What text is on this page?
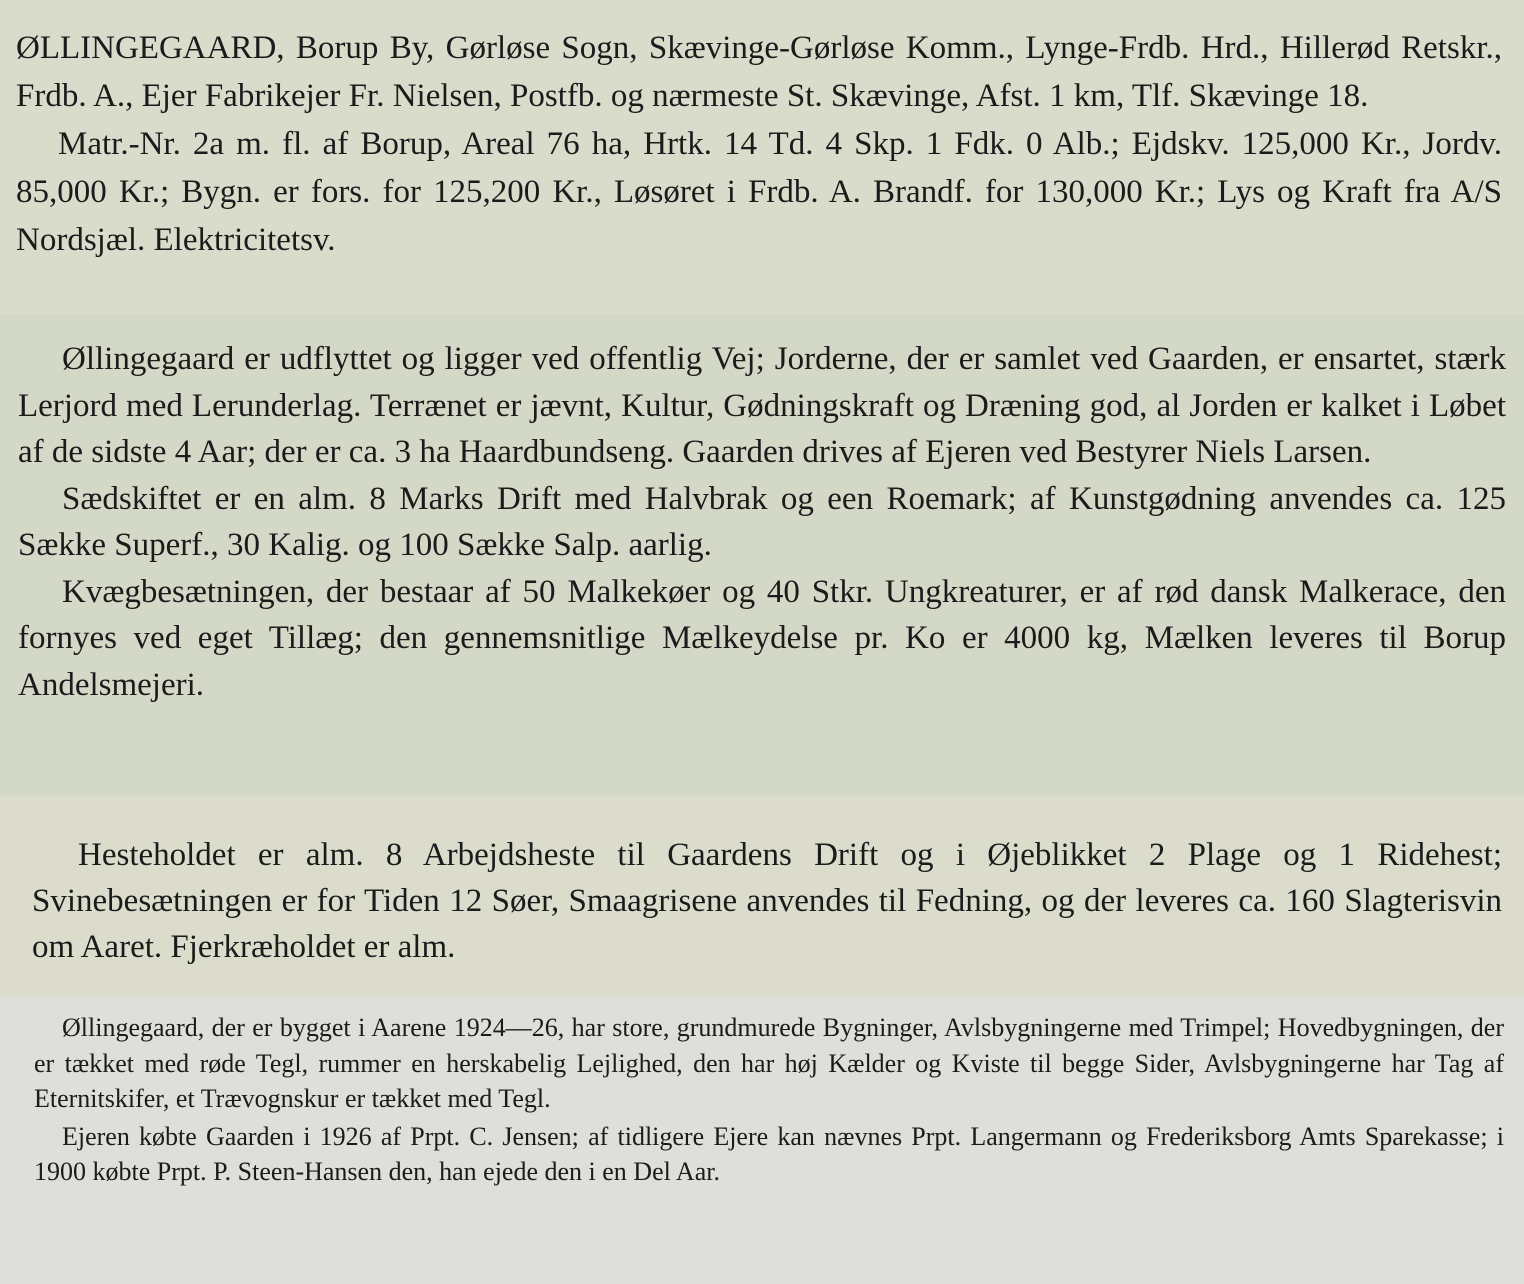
ØLLINGEGAARD, Borup By, Gørløse Sogn, Skævinge-Gørløse Komm., Lynge-Frdb. Hrd., Hillerød Retskr., Frdb. A., Ejer Fabrikejer Fr. Nielsen, Postfb. og nærmeste St. Skævinge, Afst. 1 km, Tlf. Skævinge 18.

Matr.-Nr. 2a m. fl. af Borup, Areal 76 ha, Hrtk. 14 Td. 4 Skp. 1 Fdk. 0 Alb.; Ejdskv. 125,000 Kr., Jordv. 85,000 Kr.; Bygn. er fors. for 125,200 Kr., Løsøret i Frdb. A. Brandf. for 130,000 Kr.; Lys og Kraft fra A/S Nordsjæl. Elektricitetsv.

Øllingegaard er udflyttet og ligger ved offentlig Vej; Jorderne, der er samlet ved Gaarden, er ensartet, stærk Lerjord med Lerunderlag. Terrænet er jævnt, Kultur, Gødningskraft og Dræning god, al Jorden er kalket i Løbet af de sidste 4 Aar; der er ca. 3 ha Haardbundseng. Gaarden drives af Ejeren ved Bestyrer Niels Larsen.

Sædskiftet er en alm. 8 Marks Drift med Halvbrak og een Roemark; af Kunstgødning anvendes ca. 125 Sække Superf., 30 Kalig. og 100 Sække Salp. aarlig.

Kvægbesætningen, der bestaar af 50 Malkekøer og 40 Stkr. Ungkreaturer, er af rød dansk Malkerace, den fornyes ved eget Tillæg; den gennemsnitlige Mælkeydelse pr. Ko er 4000 kg, Mælken leveres til Borup Andelsmejeri.

Hesteholdet er alm. 8 Arbejdsheste til Gaardens Drift og i Øjeblikket 2 Plage og 1 Ridehest; Svinebesætningen er for Tiden 12 Søer, Smaagrisene anvendes til Fedning, og der leveres ca. 160 Slagterisvin om Aaret. Fjerkræholdet er alm.

Øllingegaard, der er bygget i Aarene 1924—26, har store, grundmurede Bygninger, Avlsbygningerne med Trimpel; Hovedbygningen, der er tækket med røde Tegl, rummer en herskabelig Lejlighed, den har høj Kælder og Kviste til begge Sider, Avlsbygningerne har Tag af Eternitskifer, et Trævognskur er tækket med Tegl.

Ejeren købte Gaarden i 1926 af Prpt. C. Jensen; af tidligere Ejere kan nævnes Prpt. Langermann og Frederiksborg Amts Sparekasse; i 1900 købte Prpt. P. Steen-Hansen den, han ejede den i en Del Aar.
